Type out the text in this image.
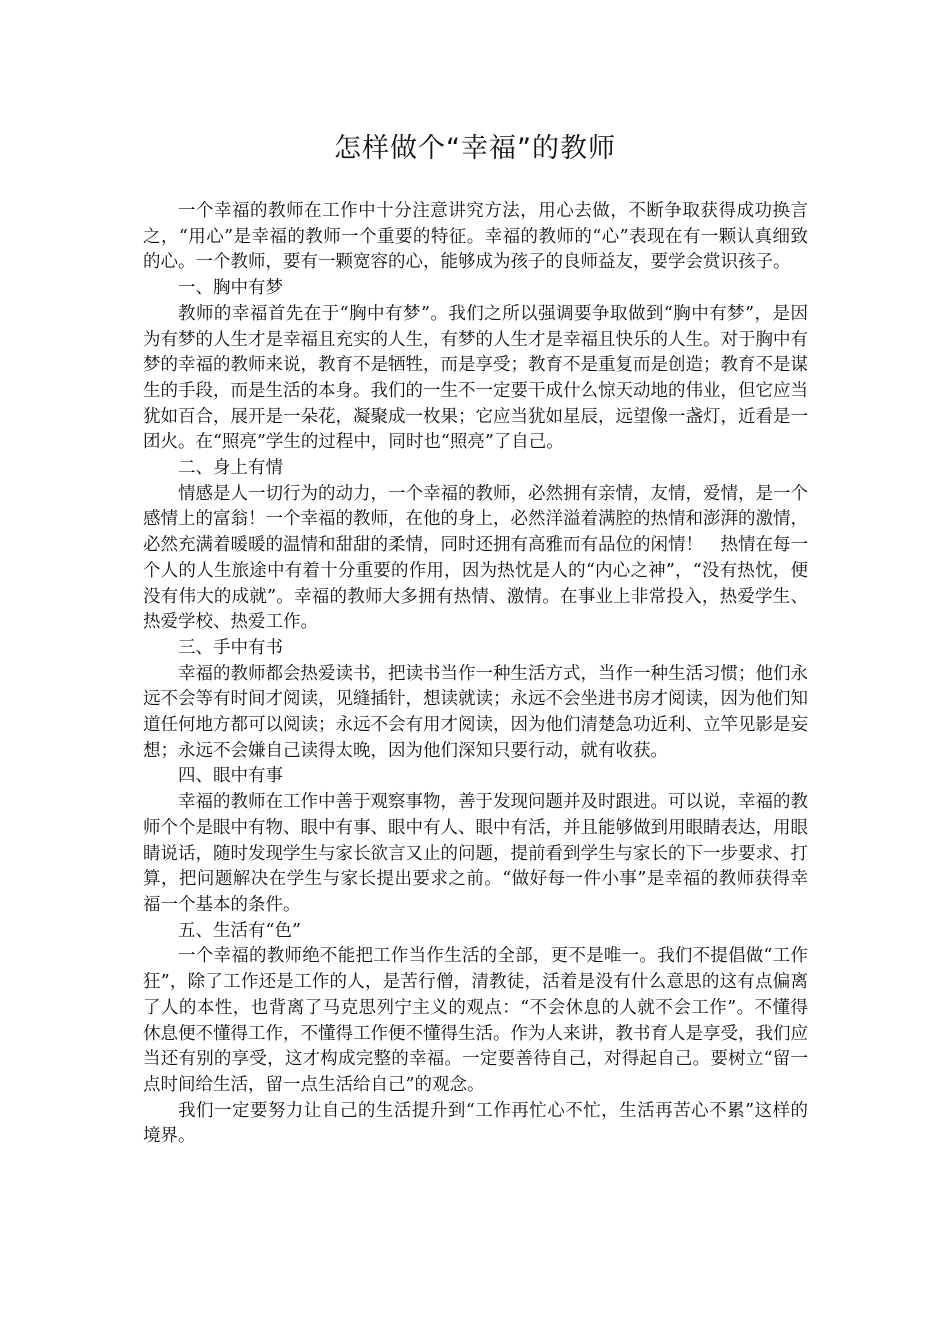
怎样做个“幸福”的教师

一个幸福的教师在工作中十分注意讲究方法，用心去做，不断争取获得成功换言之，“用心”是幸福的教师一个重要的特征。幸福的教师的“心”表现在有一颗认真细致的心。一个教师，要有一颗宽容的心，能够成为孩子的良师益友，要学会赏识孩子。

一、胸中有梦

教师的幸福首先在于“胸中有梦”。我们之所以强调要争取做到“胸中有梦”，是因为有梦的人生才是幸福且充实的人生，有梦的人生才是幸福且快乐的人生。对于胸中有梦的幸福的教师来说，教育不是牺牲，而是享受；教育不是重复而是创造；教育不是谋生的手段，而是生活的本身。我们的一生不一定要干成什么惊天动地的伟业，但它应当犹如百合，展开是一朵花，凝聚成一枚果；它应当犹如星辰，远望像一盏灯，近看是一团火。在“照亮”学生的过程中，同时也“照亮”了自己。

二、身上有情

情感是人一切行为的动力，一个幸福的教师，必然拥有亲情，友情，爱情，是一个感情上的富翁！一个幸福的教师，在他的身上，必然洋溢着满腔的热情和澎湃的激情，必然充满着暖暖的温情和甜甜的柔情，同时还拥有高雅而有品位的闲情！　热情在每一个人的人生旅途中有着十分重要的作用，因为热忱是人的“内心之神”，“没有热忱，便没有伟大的成就”。幸福的教师大多拥有热情、激情。在事业上非常投入，热爱学生、热爱学校、热爱工作。

三、手中有书

幸福的教师都会热爱读书，把读书当作一种生活方式，当作一种生活习惯；他们永远不会等有时间才阅读，见缝插针，想读就读；永远不会坐进书房才阅读，因为他们知道任何地方都可以阅读；永远不会有用才阅读，因为他们清楚急功近利、立竿见影是妄想；永远不会嫌自己读得太晚，因为他们深知只要行动，就有收获。

四、眼中有事

幸福的教师在工作中善于观察事物，善于发现问题并及时跟进。可以说，幸福的教师个个是眼中有物、眼中有事、眼中有人、眼中有活，并且能够做到用眼睛表达，用眼睛说话，随时发现学生与家长欲言又止的问题，提前看到学生与家长的下一步要求、打算，把问题解决在学生与家长提出要求之前。“做好每一件小事”是幸福的教师获得幸福一个基本的条件。

五、生活有“色”

一个幸福的教师绝不能把工作当作生活的全部，更不是唯一。我们不提倡做“工作狂”，除了工作还是工作的人，是苦行僧，清教徒，活着是没有什么意思的这有点偏离了人的本性，也背离了马克思列宁主义的观点：“不会休息的人就不会工作”。不懂得休息便不懂得工作，不懂得工作便不懂得生活。作为人来讲，教书育人是享受，我们应当还有别的享受，这才构成完整的幸福。一定要善待自己，对得起自己。要树立“留一点时间给生活，留一点生活给自己”的观念。

我们一定要努力让自己的生活提升到“工作再忙心不忙，生活再苦心不累”这样的境界。
